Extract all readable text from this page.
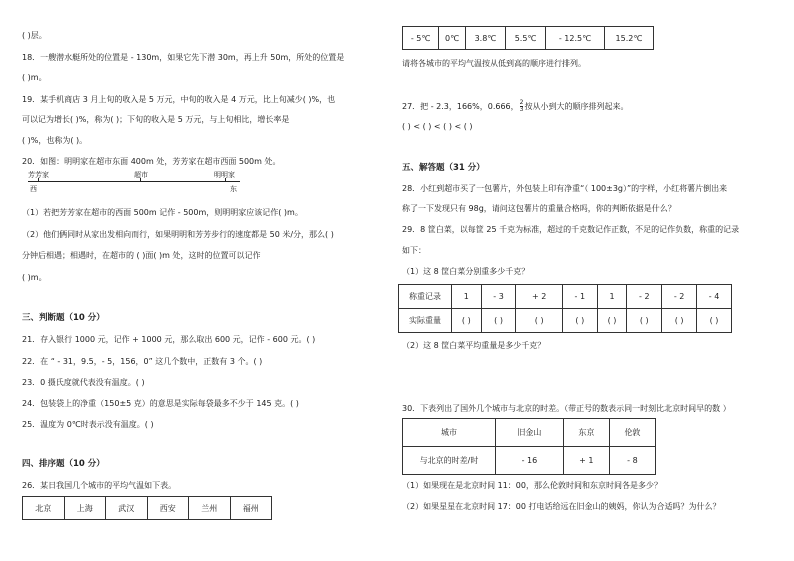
( )层。
18．一艘潜水艇所处的位置是 - 130m，如果它先下潜 30m，再上升 50m，所处的位置是
( )m。
19．某手机商店 3 月上旬的收入是 5 万元，中旬的收入是 4 万元，比上旬减少( )%，也
可以记为增长( )%，称为( )；下旬的收入是 5 万元，与上旬相比，增长率是
( )%，也称为( )。
20．如图：明明家在超市东面 400m 处，芳芳家在超市西面 500m 处。
芳芳家	超市	明明家
西	东
（1）若把芳芳家在超市的西面 500m 记作 - 500m，则明明家应该记作( )m。
（2）他们俩同时从家出发相向而行，如果明明和芳芳步行的速度都是 50 米/分，那么( )
分钟后相遇；相遇时，在超市的 ( )面( )m 处，这时的位置可以记作
( )m。
三、判断题（10 分）
21．存入银行 1000 元，记作 + 1000 元，那么取出 600 元，记作 - 600 元。( )
22．在 “ - 31，9.5，- 5，156，0” 这几个数中，正数有 3 个。( )
23．0 摄氏度就代表没有温度。( )
24．包装袋上的净重（150±5 克）的意思是实际每袋最多不少于 145 克。( )
25．温度为 0℃时表示没有温度。( )
四、排序题（10 分）
26．某日我国几个城市的平均气温如下表。
北京	上海	武汉	西安	兰州	福州
- 5℃	0℃	3.8℃	5.5℃	- 12.5℃	15.2℃
请将各城市的平均气温按从低到高的顺序进行排列。
27．把 - 2.3，166%，0.666， $\frac{2}{3}$ 按从小到大的顺序排列起来。
( ) < ( ) < ( ) < ( )
五、解答题（31 分）
28．小红到超市买了一包薯片，外包装上印有净重“（ 100±3g）”的字样，小红将薯片倒出来
称了一下发现只有 98g，请问这包薯片的重量合格吗，你的判断依据是什么？
29．8 筐白菜，以每筐 25 千克为标准，超过的千克数记作正数，不足的记作负数，称重的记录
如下：
（1）这 8 筐白菜分别重多少千克？
称重记录	1	- 3	+ 2	- 1	1	- 2	- 2	- 4
实际重量	( )	( )	( )	( )	( )	( )	( )	( )
（2）这 8 筐白菜平均重量是多少千克？
30．下表列出了国外几个城市与北京的时差。（带正号的数表示同一时刻比北京时间早的数 ）
城市	旧金山	东京	伦敦
与北京的时差/时	- 16	+ 1	- 8
（1）如果现在是北京时间 11：00，那么伦敦时间和东京时间各是多少？
（2）如果星星在北京时间 17：00 打电话给远在旧金山的姨妈，你认为合适吗？为什么？
